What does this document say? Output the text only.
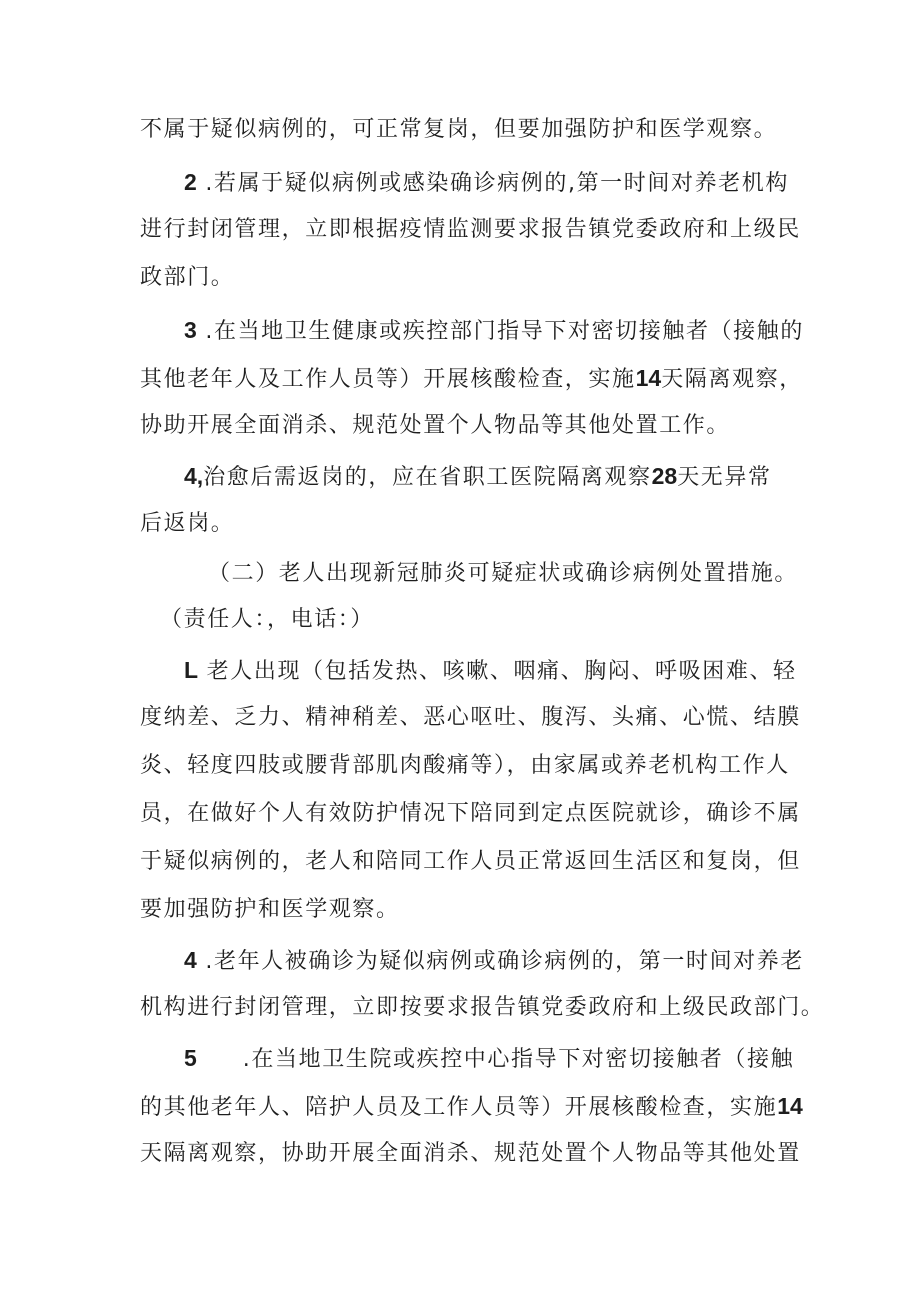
不属于疑似病例的，可正常复岗，但要加强防护和医学观察。
2 .若属于疑似病例或感染确诊病例的,第一时间对养老机构
进行封闭管理，立即根据疫情监测要求报告镇党委政府和上级民
政部门。
3 .在当地卫生健康或疾控部门指导下对密切接触者（接触的
其他老年人及工作人员等）开展核酸检查，实施14天隔离观察，
协助开展全面消杀、规范处置个人物品等其他处置工作。
4,治愈后需返岗的，应在省职工医院隔离观察28天无异常
后返岗。
（二）老人出现新冠肺炎可疑症状或确诊病例处置措施。
（责任人：，电话：）
L 老人出现（包括发热、咳嗽、咽痛、胸闷、呼吸困难、轻
度纳差、乏力、精神稍差、恶心呕吐、腹泻、头痛、心慌、结膜
炎、轻度四肢或腰背部肌肉酸痛等），由家属或养老机构工作人
员，在做好个人有效防护情况下陪同到定点医院就诊，确诊不属
于疑似病例的，老人和陪同工作人员正常返回生活区和复岗，但
要加强防护和医学观察。
4 .老年人被确诊为疑似病例或确诊病例的，第一时间对养老
机构进行封闭管理，立即按要求报告镇党委政府和上级民政部门。
5 .在当地卫生院或疾控中心指导下对密切接触者（接触
的其他老年人、陪护人员及工作人员等）开展核酸检查，实施14
天隔离观察，协助开展全面消杀、规范处置个人物品等其他处置
